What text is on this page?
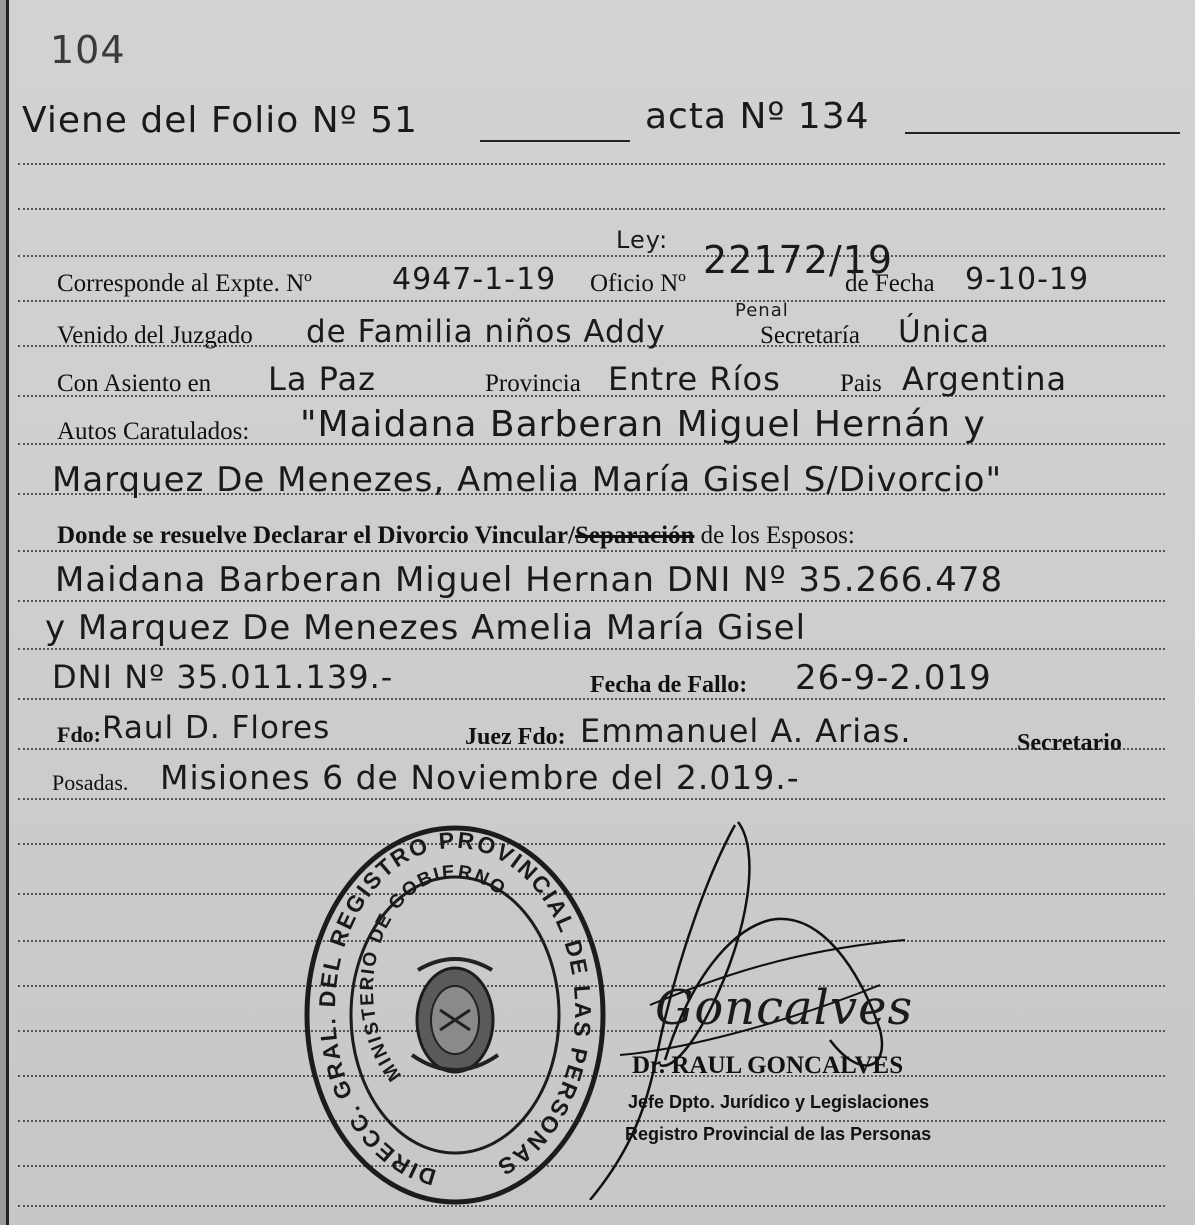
104
Viene del Folio Nº 51	acta Nº 134
Corresponde al Expte. Nº	4947-1-19 Oficio Nº
Ley: 22172/19
de Fecha 9-10-19
Venido del Juzgado de Familia niños Addy
Penal
Secretaría Única
Con Asiento en La Paz	Provincia Entre Ríos Pais Argentina
Autos Caratulados: "Maidana Barberan Miguel Hernán y
Marquez De Menezes, Amelia María Gisel S/Divorcio"
Donde se resuelve Declarar el Divorcio Vincular/Separación de los Esposos:
Maidana Barberan Miguel Hernan DNI Nº 35.266.478
y Marquez De Menezes Amelia María Gisel
DNI Nº 35.011.139.-	Fecha de Fallo: 26-9-2.019
Fdo: Raul D. Flores	Juez Fdo: Emmanuel A. Arias.	Secretario
Posadas. Misiones 6 de Noviembre del 2.019.-
DIRECC. GRAL. DEL REGISTRO PROVINCIAL DE LAS PERSONAS
MINISTERIO DE GOBIERNO
Goncalves
Dr. RAUL GONCALVES
Jefe Dpto. Jurídico y Legislaciones
Registro Provincial de las Personas
